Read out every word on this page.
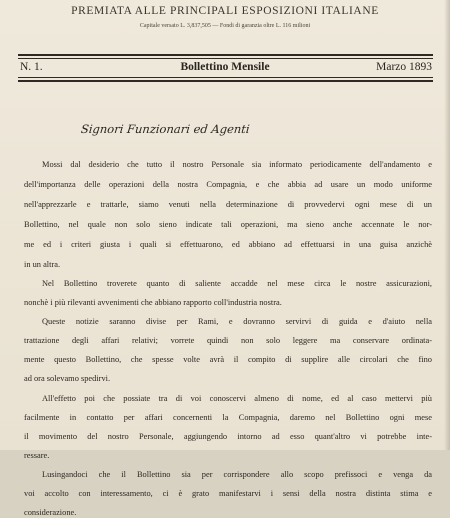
PREMIATA ALLE PRINCIPALI ESPOSIZIONI ITALIANE
Capitale versato L. 3,837,505 — Fondi di garanzia oltre L. 116 milioni
N. 1.	Bollettino Mensile	Marzo 1893
Signori Funzionari ed Agenti
Mossi dal desiderio che tutto il nostro Personale sia informato periodicamente dell'andamento e
dell'importanza delle operazioni della nostra Compagnia, e che abbia ad usare un modo uniforme
nell'apprezzarle e trattarle, siamo venuti nella determinazione di provvedervi ogni mese di un
Bollettino, nel quale non solo sieno indicate tali operazioni, ma sieno anche accennate le nor-
me ed i criteri giusta i quali si effettuarono, ed abbiano ad effettuarsi in una guisa anzichè
in un altra.
Nel Bollettino troverete quanto di saliente accadde nel mese circa le nostre assicurazioni,
nonchè i più rilevanti avvenimenti che abbiano rapporto coll'industria nostra.
Queste notizie saranno divise per Rami, e dovranno servirvi di guida e d'aiuto nella
trattazione degli affari relativi; vorrete quindi non solo leggere ma conservare ordinata-
mente questo Bollettino, che spesse volte avrà il compito di supplire alle circolari che fino
ad ora solevamo spedirvi.
All'effetto poi che possiate tra di voi conoscervi almeno di nome, ed al caso mettervi più
facilmente in contatto per affari concernenti la Compagnia, daremo nel Bollettino ogni mese
il movimento del nostro Personale, aggiungendo intorno ad esso quant'altro vi potrebbe inte-
ressare.
Lusingandoci che il Bollettino sia per corrispondere allo scopo prefissoci e venga da
voi accolto con interessamento, ci è grato manifestarvi i sensi della nostra distinta stima e
considerazione.
